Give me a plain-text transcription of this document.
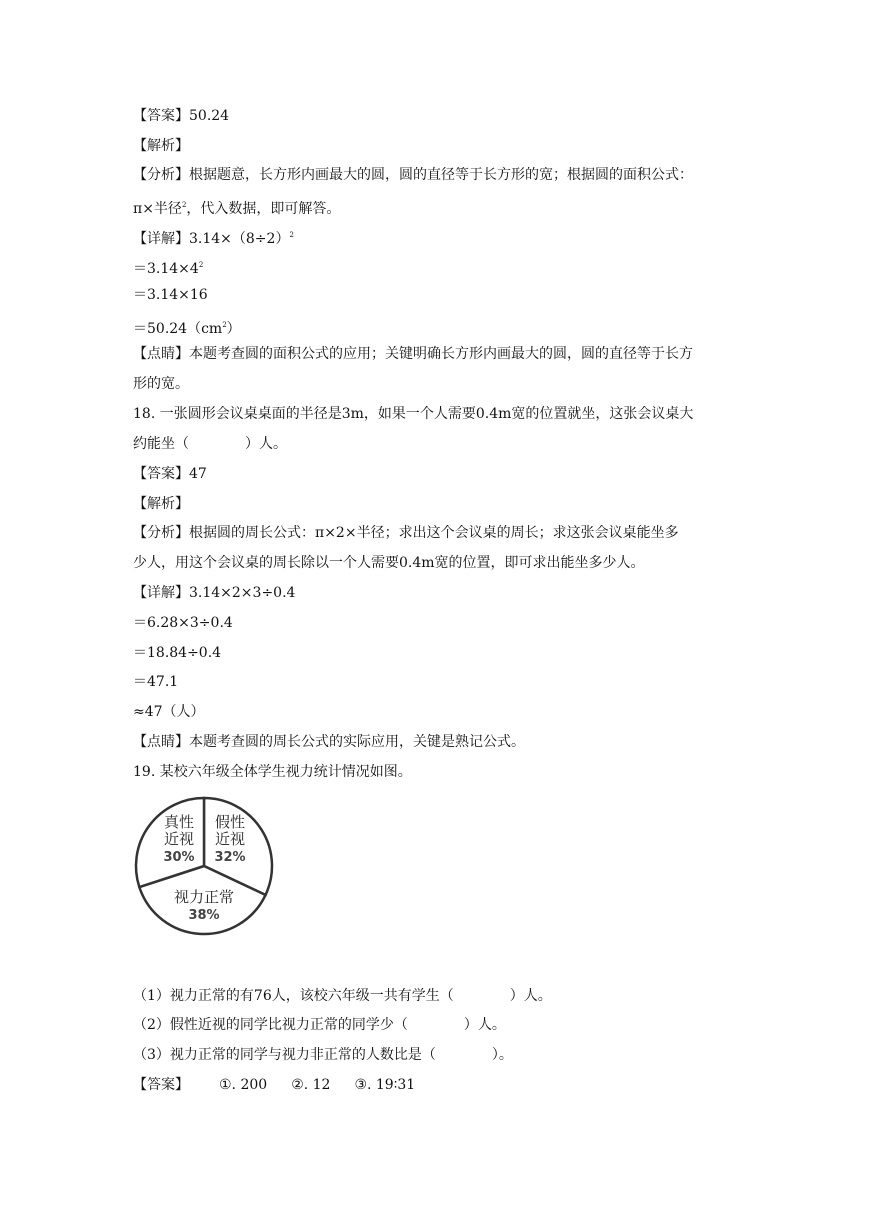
【答案】50.24
【解析】
【分析】根据题意，长方形内画最大的圆，圆的直径等于长方形的宽；根据圆的面积公式：
π×半径$^2$，代入数据，即可解答。
【详解】$3.14\times(8\div 2)^2$
$=3.14\times 4^2$
＝3.14×16
$=50.24(cm^2)$
【点睛】本题考查圆的面积公式的应用；关键明确长方形内画最大的圆，圆的直径等于长方
形的宽。
18. 一张圆形会议桌桌面的半径是3m，如果一个人需要0.4m宽的位置就坐，这张会议桌大
约能坐（　　　　）人。
【答案】47
【解析】
【分析】根据圆的周长公式：π×2×半径；求出这个会议桌的周长；求这张会议桌能坐多
少人，用这个会议桌的周长除以一个人需要0.4m宽的位置，即可求出能坐多少人。
【详解】3.14×2×3÷0.4
＝6.28×3÷0.4
＝18.84÷0.4
＝47.1
≈47（人）
【点睛】本题考查圆的周长公式的实际应用，关键是熟记公式。
19. 某校六年级全体学生视力统计情况如图。
真性
近视
30%
假性
近视
32%
视力正常
38%
（1）视力正常的有76人，该校六年级一共有学生（　　　　）人。
（2）假性近视的同学比视力正常的同学少（　　　　）人。
（3）视力正常的同学与视力非正常的人数比是（　　　　）。
【答案】 ①. 200 ②. 12 ③. 19∶31
